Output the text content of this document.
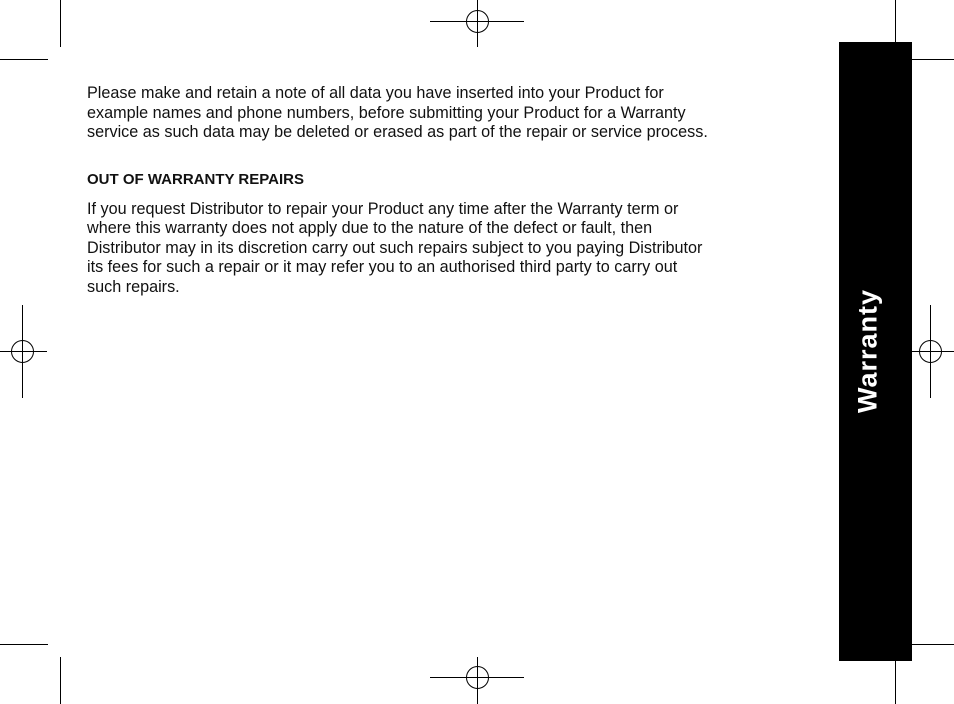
Please make and retain a note of all data you have inserted into your Product for
example names and phone numbers, before submitting your Product for a Warranty
service as such data may be deleted or erased as part of the repair or service process.

OUT OF WARRANTY REPAIRS

If you request Distributor to repair your Product any time after the Warranty term or
where this warranty does not apply due to the nature of the defect or fault, then
Distributor may in its discretion carry out such repairs subject to you paying Distributor
its fees for such a repair or it may refer you to an authorised third party to carry out
such repairs.

Warranty
